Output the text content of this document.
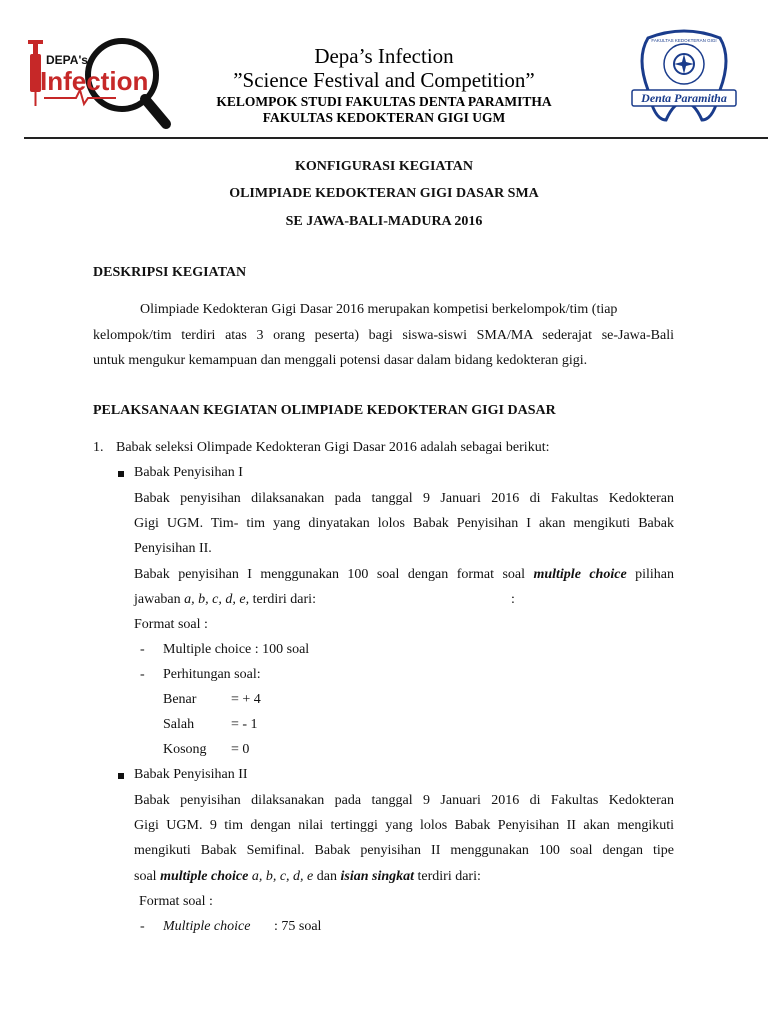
DEPA's
Infection
Depa’s Infection
”Science Festival and Competition”
KELOMPOK STUDI FAKULTAS DENTA PARAMITHA
FAKULTAS KEDOKTERAN GIGI UGM
FAKULTAS KEDOKTERAN GIGI
Denta Paramitha
KONFIGURASI KEGIATAN
OLIMPIADE KEDOKTERAN GIGI DASAR SMA
SE JAWA-BALI-MADURA 2016
DESKRIPSI KEGIATAN
Olimpiade Kedokteran Gigi Dasar 2016 merupakan kompetisi berkelompok/tim (tiap
kelompok/tim terdiri atas 3 orang peserta) bagi siswa-siswi SMA/MA sederajat se-Jawa-Bali
untuk mengukur kemampuan dan menggali potensi dasar dalam bidang kedokteran gigi.
PELAKSANAAN KEGIATAN OLIMPIADE KEDOKTERAN GIGI DASAR
1. Babak seleksi Olimpade Kedokteran Gigi Dasar 2016 adalah sebagai berikut:
Babak Penyisihan I
Babak penyisihan dilaksanakan pada tanggal 9 Januari 2016 di Fakultas Kedokteran
Gigi UGM. Tim- tim yang dinyatakan lolos Babak Penyisihan I akan mengikuti Babak
Penyisihan II.
Babak penyisihan I menggunakan 100 soal dengan format soal multiple choice pilihan
jawaban a, b, c, d, e, terdiri dari:	:
Format soal :
- Multiple choice : 100 soal
- Perhitungan soal:
Benar = + 4
Salah	= - 1
Kosong = 0
Babak Penyisihan II
Babak penyisihan dilaksanakan pada tanggal 9 Januari 2016 di Fakultas Kedokteran
Gigi UGM. 9 tim dengan nilai tertinggi yang lolos Babak Penyisihan II akan mengikuti
mengikuti Babak Semifinal. Babak penyisihan II menggunakan 100 soal dengan tipe
soal multiple choice a, b, c, d, e dan isian singkat terdiri dari:
Format soal :
- Multiple choice : 75 soal
